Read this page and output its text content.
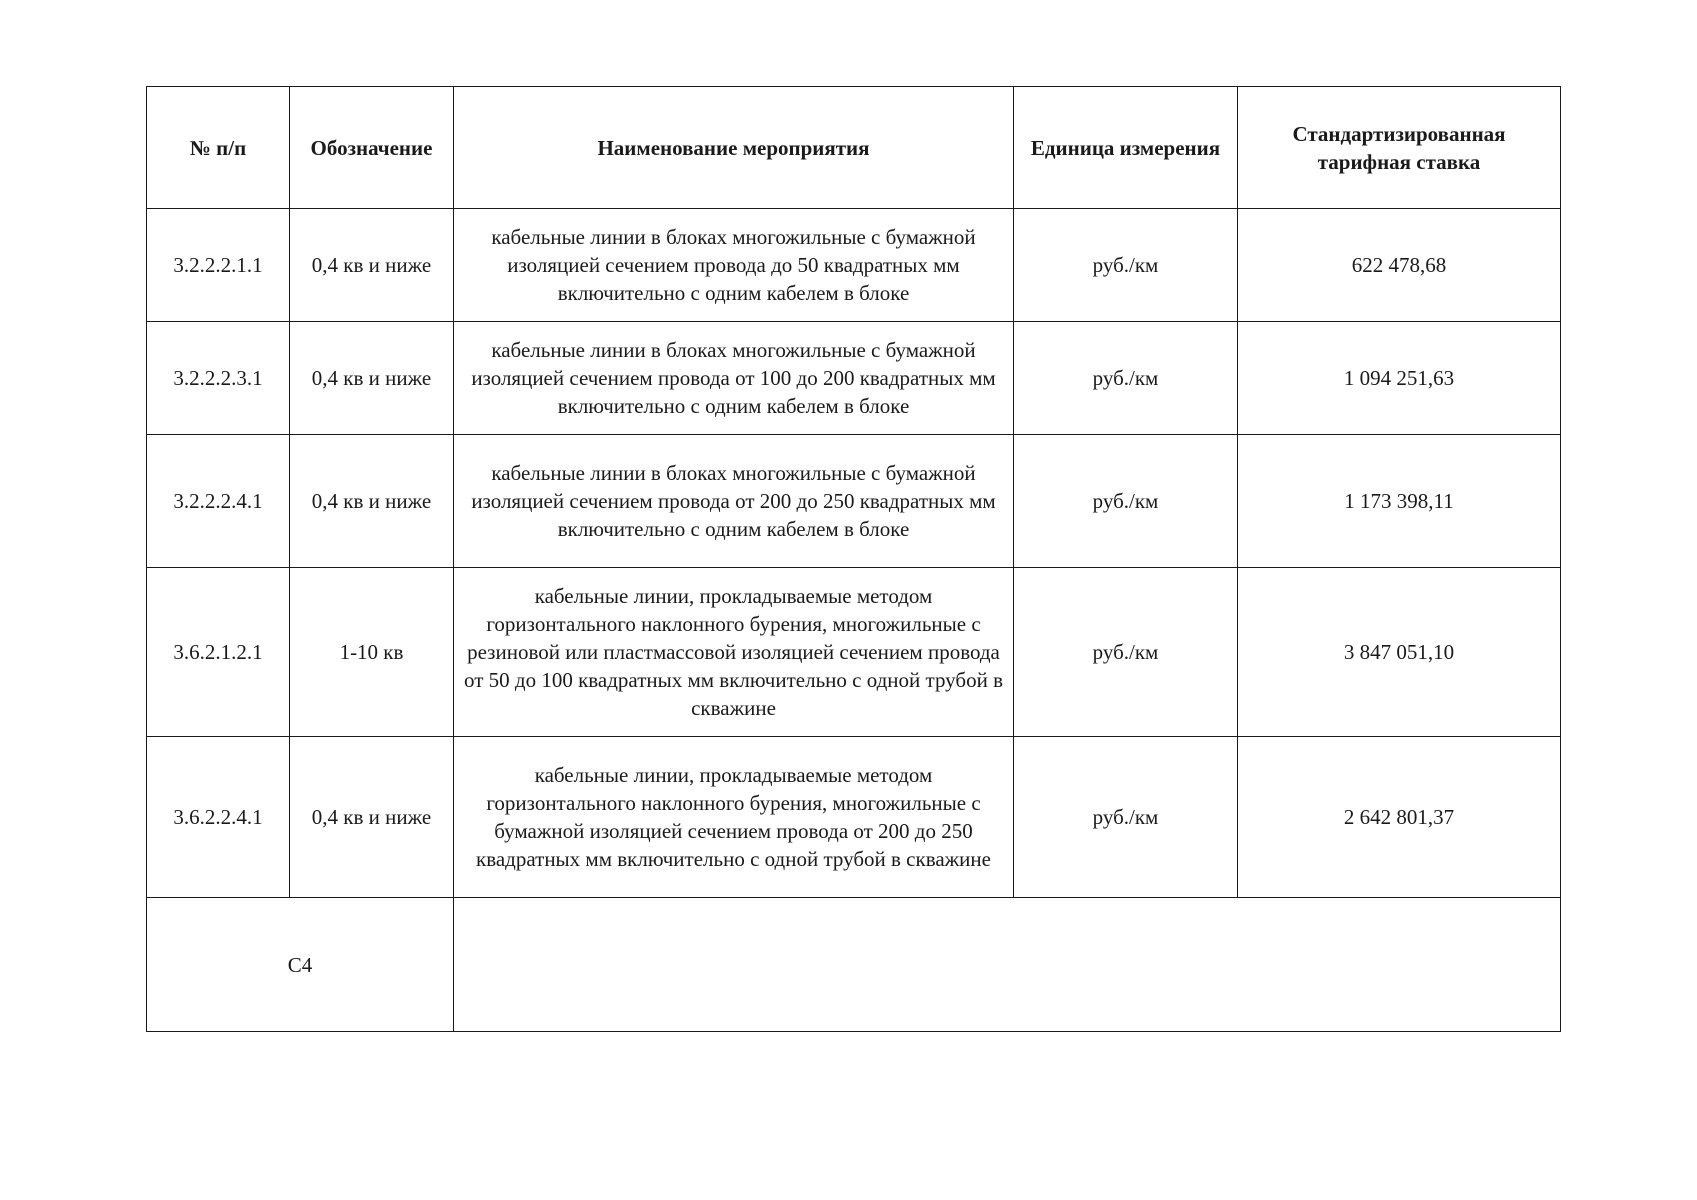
№ п/п	Обозначение	Наименование мероприятия	Единица измерения	Стандартизированная тарифная ставка
3.2.2.2.1.1	0,4 кв и ниже	кабельные линии в блоках многожильные с бумажной изоляцией сечением провода до 50 квадратных мм включительно с одним кабелем в блоке	руб./км	622 478,68
3.2.2.2.3.1	0,4 кв и ниже	кабельные линии в блоках многожильные с бумажной изоляцией сечением провода от 100 до 200 квадратных мм включительно с одним кабелем в блоке	руб./км	1 094 251,63
3.2.2.2.4.1	0,4 кв и ниже	кабельные линии в блоках многожильные с бумажной изоляцией сечением провода от 200 до 250 квадратных мм включительно с одним кабелем в блоке	руб./км	1 173 398,11
3.6.2.1.2.1	1-10 кв	кабельные линии, прокладываемые методом горизонтального наклонного бурения, многожильные с резиновой или пластмассовой изоляцией сечением провода от 50 до 100 квадратных мм включительно с одной трубой в скважине	руб./км	3 847 051,10
3.6.2.2.4.1	0,4 кв и ниже	кабельные линии, прокладываемые методом горизонтального наклонного бурения, многожильные с бумажной изоляцией сечением провода от 200 до 250 квадратных мм включительно с одной трубой в скважине	руб./км	2 642 801,37
С4				
